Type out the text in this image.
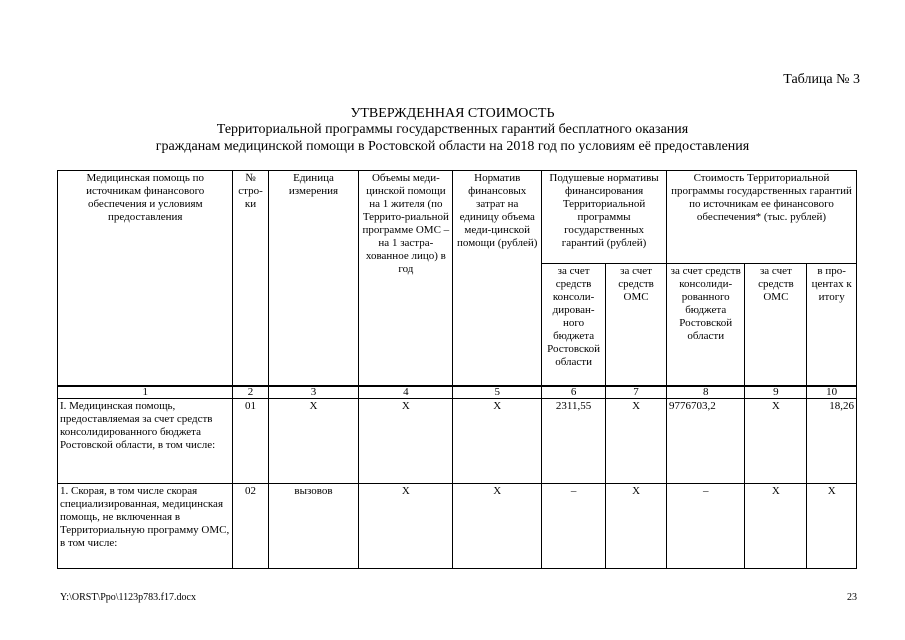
Таблица № 3
УТВЕРЖДЕННАЯ СТОИМОСТЬ
Территориальной программы государственных гарантий бесплатного оказания
гражданам медицинской помощи в Ростовской области на 2018 год по условиям её предоставления
Медицинская помощь по источникам финансового обеспечения и условиям предоставления	№ стро-ки	Единица измерения	Объемы меди-цинской помощи на 1 жителя (по Террито-риальной программе ОМС – на 1 застра-хованное лицо) в год	Норматив финансовых затрат на единицу объема меди-цинской помощи (рублей)	Подушевые нормативы финансирования Территориальной программы государственных гарантий (рублей)		Стоимость Территориальной программы государственных гарантий по источникам ее финансового обеспечения* (тыс. рублей)		
					за счет средств консоли-дирован-ного бюджета Ростовской области	за счет средств ОМС	за счет средств консолиди-рованного бюджета Ростовской области	за счет средств ОМС	в про-центах к итогу
1	2	3	4	5	6	7	8	9	10
I. Медицинская помощь, предоставляемая за счет средств консолидированного бюджета Ростовской области, в том числе:	01	Х	Х	Х	2311,55	Х	9776703,2	Х	18,26
1. Скорая, в том числе скорая специализированная, медицинская помощь, не включенная в Территориальную программу ОМС, в том числе:	02	вызовов	Х	Х	–	Х	–	Х	Х
Y:\ORST\Ppo\1123p783.f17.docx	23
